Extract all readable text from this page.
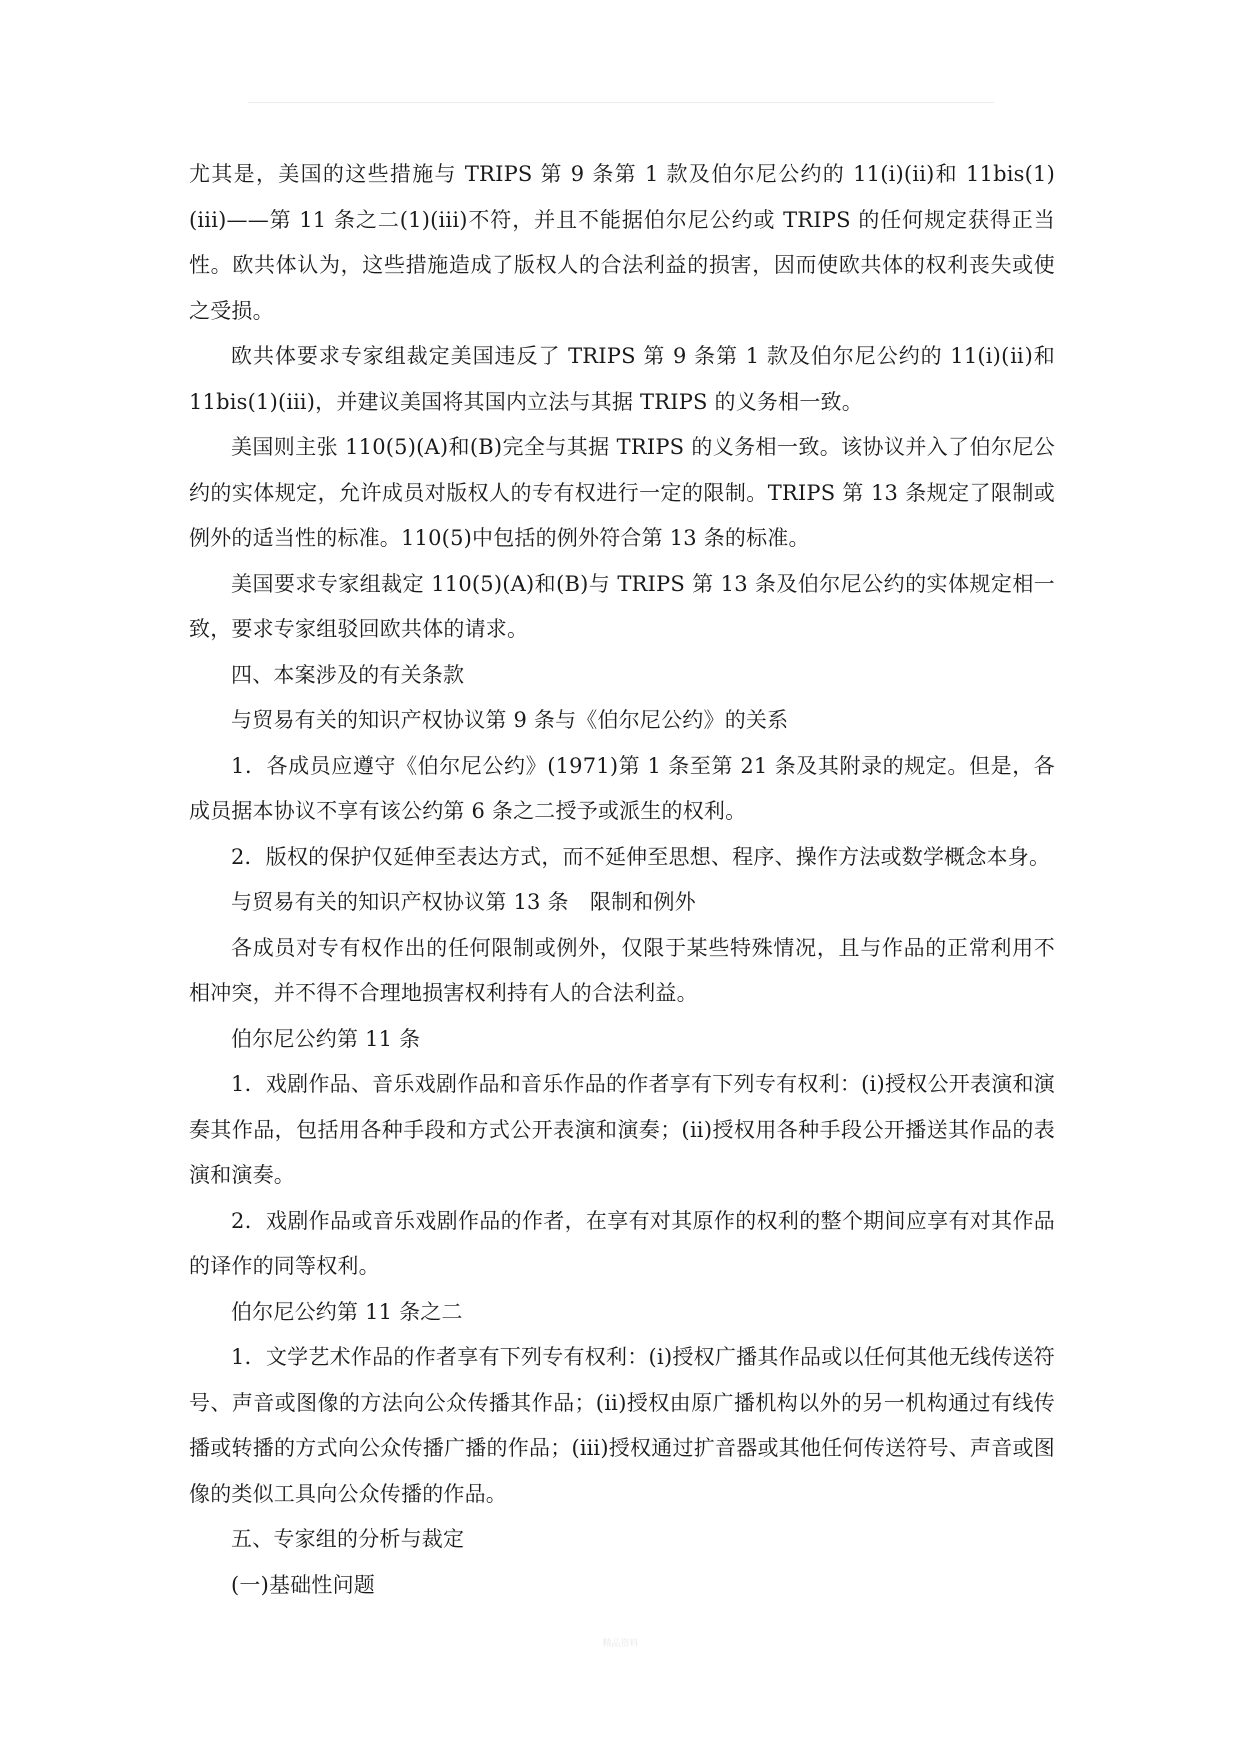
尤其是，美国的这些措施与 TRIPS 第 9 条第 1 款及伯尔尼公约的 11(i)(ii)和 11bis(1)(iii)——第 11 条之二(1)(iii)不符，并且不能据伯尔尼公约或 TRIPS 的任何规定获得正当性。欧共体认为，这些措施造成了版权人的合法利益的损害，因而使欧共体的权利丧失或使之受损。

欧共体要求专家组裁定美国违反了 TRIPS 第 9 条第 1 款及伯尔尼公约的 11(i)(ⅱ)和 11bis(1)(ⅲ)，并建议美国将其国内立法与其据 TRIPS 的义务相一致。

美国则主张 110(5)(A)和(B)完全与其据 TRIPS 的义务相一致。该协议并入了伯尔尼公约的实体规定，允许成员对版权人的专有权进行一定的限制。TRIPS 第 13 条规定了限制或例外的适当性的标准。110(5)中包括的例外符合第 13 条的标准。

美国要求专家组裁定 110(5)(A)和(B)与 TRIPS 第 13 条及伯尔尼公约的实体规定相一致，要求专家组驳回欧共体的请求。

四、本案涉及的有关条款

与贸易有关的知识产权协议第 9 条与《伯尔尼公约》的关系

1．各成员应遵守《伯尔尼公约》(1971)第 1 条至第 21 条及其附录的规定。但是，各成员据本协议不享有该公约第 6 条之二授予或派生的权利。

2．版权的保护仅延伸至表达方式，而不延伸至思想、程序、操作方法或数学概念本身。

与贸易有关的知识产权协议第 13 条　限制和例外

各成员对专有权作出的任何限制或例外，仅限于某些特殊情况，且与作品的正常利用不相冲突，并不得不合理地损害权利持有人的合法利益。

伯尔尼公约第 11 条

1．戏剧作品、音乐戏剧作品和音乐作品的作者享有下列专有权利：(ⅰ)授权公开表演和演奏其作品，包括用各种手段和方式公开表演和演奏；(ⅱ)授权用各种手段公开播送其作品的表演和演奏。

2．戏剧作品或音乐戏剧作品的作者，在享有对其原作的权利的整个期间应享有对其作品的译作的同等权利。

伯尔尼公约第 11 条之二

1．文学艺术作品的作者享有下列专有权利：(ⅰ)授权广播其作品或以任何其他无线传送符号、声音或图像的方法向公众传播其作品；(ⅱ)授权由原广播机构以外的另一机构通过有线传播或转播的方式向公众传播广播的作品；(ⅲ)授权通过扩音器或其他任何传送符号、声音或图像的类似工具向公众传播的作品。

五、专家组的分析与裁定

(一)基础性问题

精品资料
